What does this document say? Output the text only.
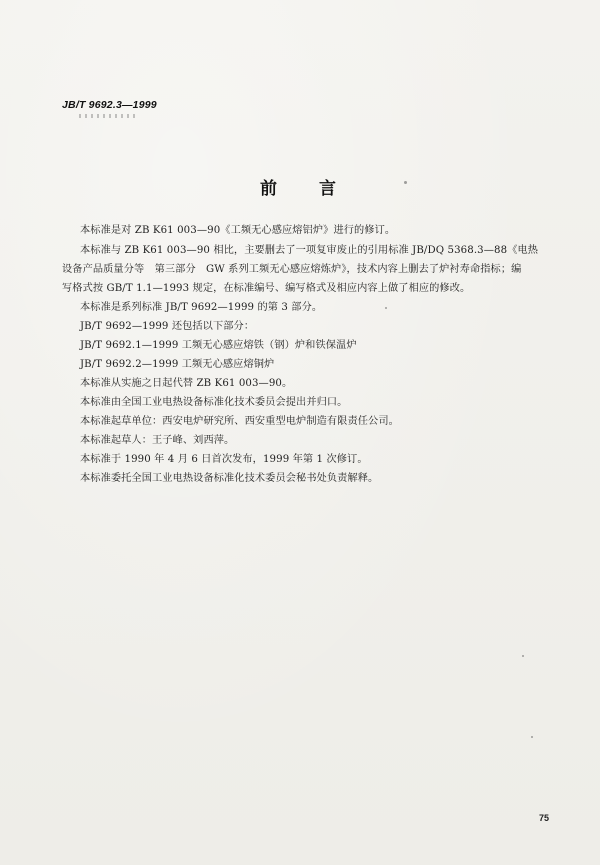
JB/T 9692.3—1999
前 言
本标准是对 ZB K61 003—90《工频无心感应熔铝炉》进行的修订。
本标准与 ZB K61 003—90 相比，主要删去了一项复审废止的引用标准 JB/DQ 5368.3—88《电热
设备产品质量分等　第三部分　GW 系列工频无心感应熔炼炉》，技术内容上删去了炉衬寿命指标；编
写格式按 GB/T 1.1—1993 规定，在标准编号、编写格式及相应内容上做了相应的修改。
本标准是系列标准 JB/T 9692—1999 的第 3 部分。
JB/T 9692—1999 还包括以下部分：
JB/T 9692.1—1999 工频无心感应熔铁（钢）炉和铁保温炉
JB/T 9692.2—1999 工频无心感应熔铜炉
本标准从实施之日起代替 ZB K61 003—90。
本标准由全国工业电热设备标准化技术委员会提出并归口。
本标准起草单位：西安电炉研究所、西安重型电炉制造有限责任公司。
本标准起草人：王子峰、刘西萍。
本标准于 1990 年 4 月 6 日首次发布，1999 年第 1 次修订。
本标准委托全国工业电热设备标准化技术委员会秘书处负责解释。
75
